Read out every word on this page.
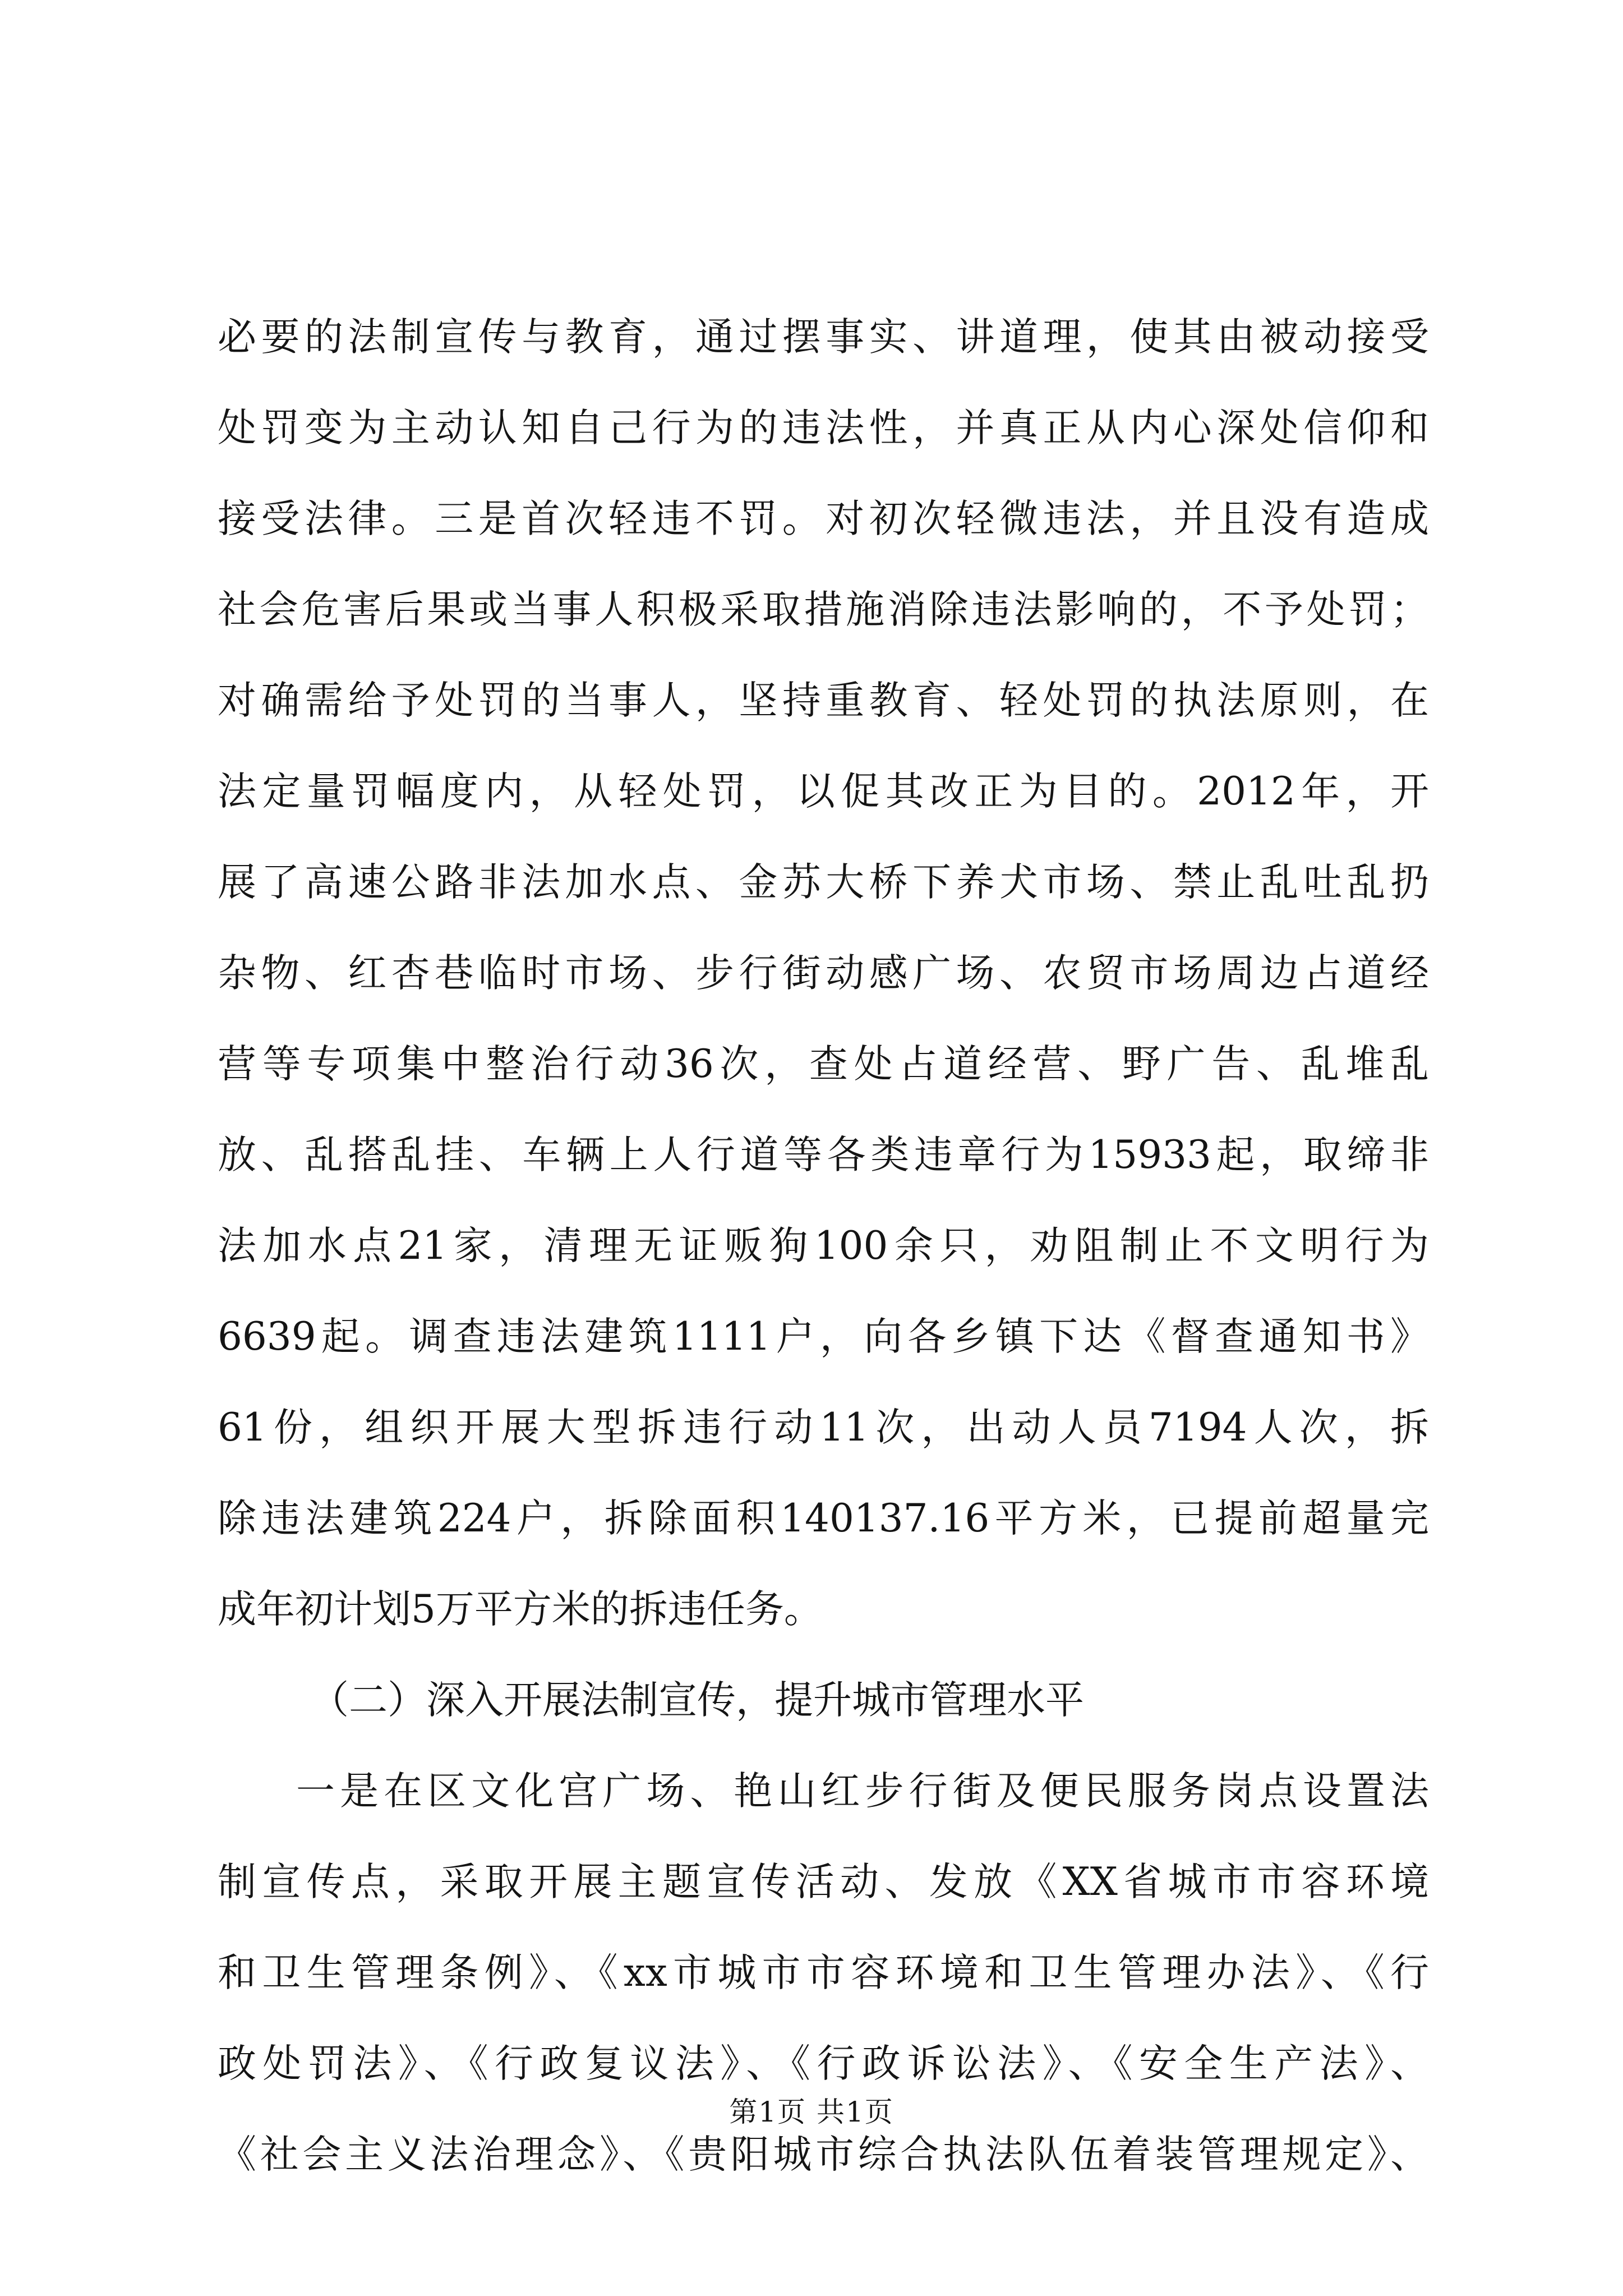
必要的法制宣传与教育，通过摆事实、讲道理，使其由被动接受
处罚变为主动认知自己行为的违法性，并真正从内心深处信仰和
接受法律。三是首次轻违不罚。对初次轻微违法，并且没有造成
社会危害后果或当事人积极采取措施消除违法影响的，不予处罚；
对确需给予处罚的当事人，坚持重教育、轻处罚的执法原则，在
法定量罚幅度内，从轻处罚，以促其改正为目的。2012年，开
展了高速公路非法加水点、金苏大桥下养犬市场、禁止乱吐乱扔
杂物、红杏巷临时市场、步行街动感广场、农贸市场周边占道经
营等专项集中整治行动36次，查处占道经营、野广告、乱堆乱
放、乱搭乱挂、车辆上人行道等各类违章行为15933起，取缔非
法加水点21家，清理无证贩狗100余只，劝阻制止不文明行为
6639起。调查违法建筑1111户，向各乡镇下达《督查通知书》
61份，组织开展大型拆违行动11次，出动人员7194人次，拆
除违法建筑224户，拆除面积140137.16平方米，已提前超量完
成年初计划5万平方米的拆违任务。
（二）深入开展法制宣传，提升城市管理水平
一是在区文化宫广场、艳山红步行街及便民服务岗点设置法
制宣传点，采取开展主题宣传活动、发放《XX省城市市容环境
和卫生管理条例》、《xx市城市市容环境和卫生管理办法》、《行
政处罚法》、《行政复议法》、《行政诉讼法》、《安全生产法》、
《社会主义法治理念》、《贵阳城市综合执法队伍着装管理规定》、
第1页 共1页
